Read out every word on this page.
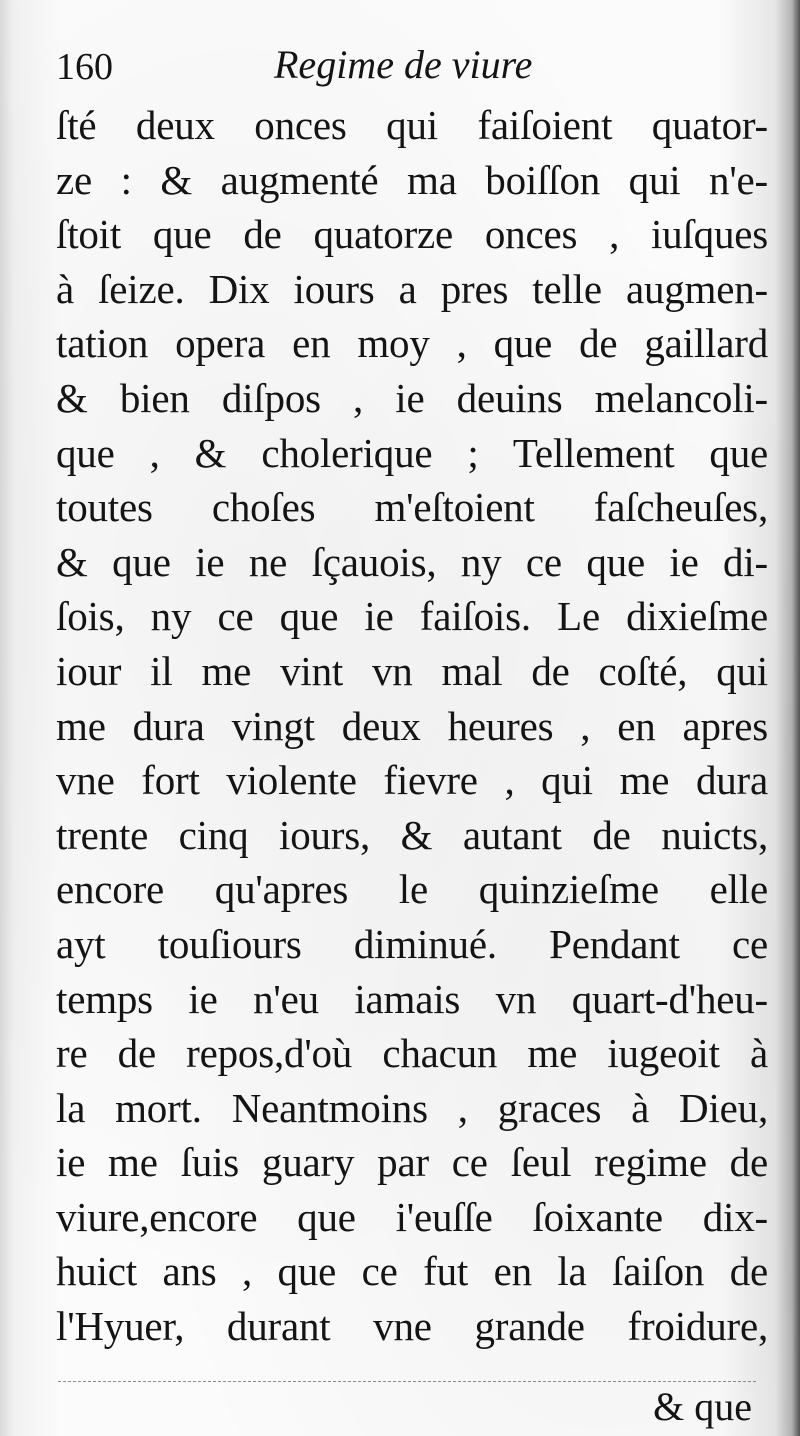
160	Regime de viure
ſté deux onces qui faiſoient quator-
ze : & augmenté ma boiſſon qui n'e-
ſtoit que de quatorze onces , iuſques
à ſeize. Dix iours a pres telle augmen-
tation opera en moy , que de gaillard
& bien diſpos , ie deuins melancoli-
que , & cholerique ; Tellement que
toutes choſes m'eſtoient faſcheuſes,
& que ie ne ſçauois, ny ce que ie di-
ſois, ny ce que ie faiſois. Le dixieſme
iour il me vint vn mal de coſté, qui
me dura vingt deux heures , en apres
vne fort violente fievre , qui me dura
trente cinq iours, & autant de nuicts,
encore qu'apres le quinzieſme elle
ayt touſiours diminué. Pendant ce
temps ie n'eu iamais vn quart-d'heu-
re de repos,d'où chacun me iugeoit à
la mort. Neantmoins , graces à Dieu,
ie me ſuis guary par ce ſeul regime de
viure,encore que i'euſſe ſoixante dix-
huict ans , que ce fut en la ſaiſon de
l'Hyuer, durant vne grande froidure,
& que
